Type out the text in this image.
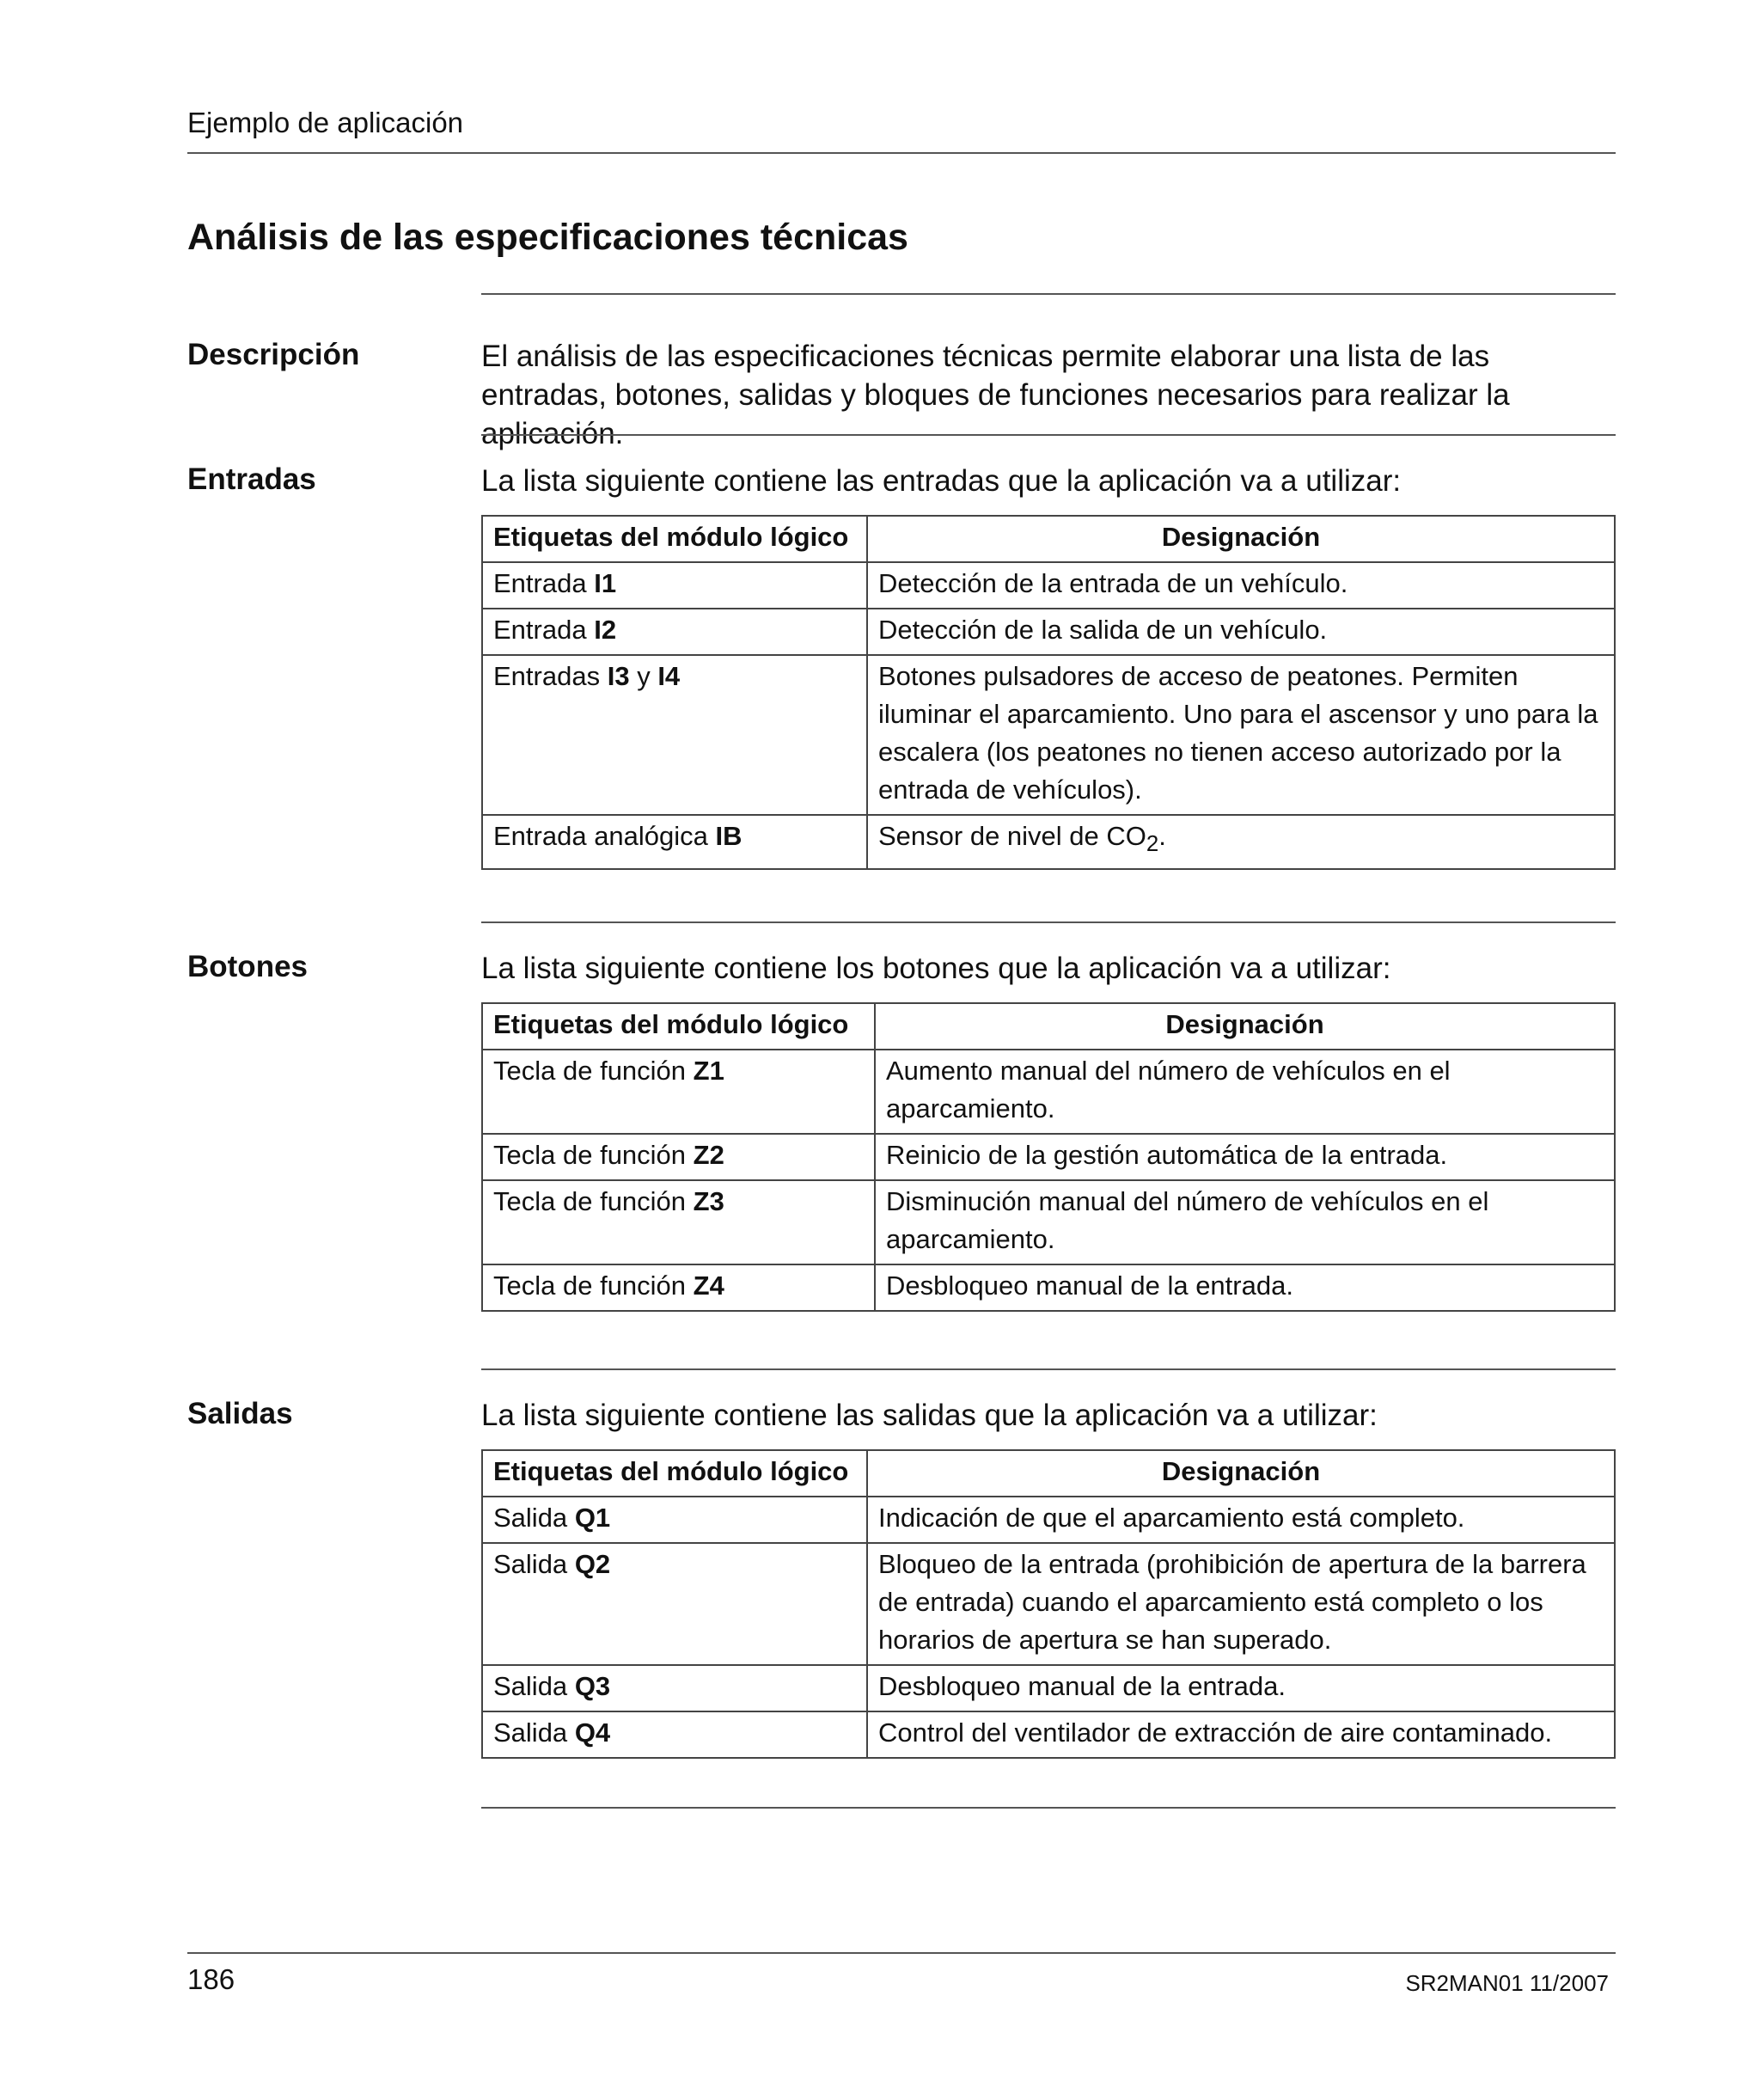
Ejemplo de aplicación
Análisis de las especificaciones técnicas
Descripción	El análisis de las especificaciones técnicas permite elaborar una lista de las entradas, botones, salidas y bloques de funciones necesarios para realizar la aplicación.
Entradas	La lista siguiente contiene las entradas que la aplicación va a utilizar:
Etiquetas del módulo lógico	Designación
Entrada I1	Detección de la entrada de un vehículo.
Entrada I2	Detección de la salida de un vehículo.
Entradas I3 y I4	Botones pulsadores de acceso de peatones. Permiten iluminar el aparcamiento. Uno para el ascensor y uno para la escalera (los peatones no tienen acceso autorizado por la entrada de vehículos).
Entrada analógica IB	Sensor de nivel de $CO_2$.
Botones	La lista siguiente contiene los botones que la aplicación va a utilizar:
Etiquetas del módulo lógico	Designación
Tecla de función Z1	Aumento manual del número de vehículos en el aparcamiento.
Tecla de función Z2	Reinicio de la gestión automática de la entrada.
Tecla de función Z3	Disminución manual del número de vehículos en el aparcamiento.
Tecla de función Z4	Desbloqueo manual de la entrada.
Salidas	La lista siguiente contiene las salidas que la aplicación va a utilizar:
Etiquetas del módulo lógico	Designación
Salida Q1	Indicación de que el aparcamiento está completo.
Salida Q2	Bloqueo de la entrada (prohibición de apertura de la barrera de entrada) cuando el aparcamiento está completo o los horarios de apertura se han superado.
Salida Q3	Desbloqueo manual de la entrada.
Salida Q4	Control del ventilador de extracción de aire contaminado.
186	SR2MAN01 11/2007
